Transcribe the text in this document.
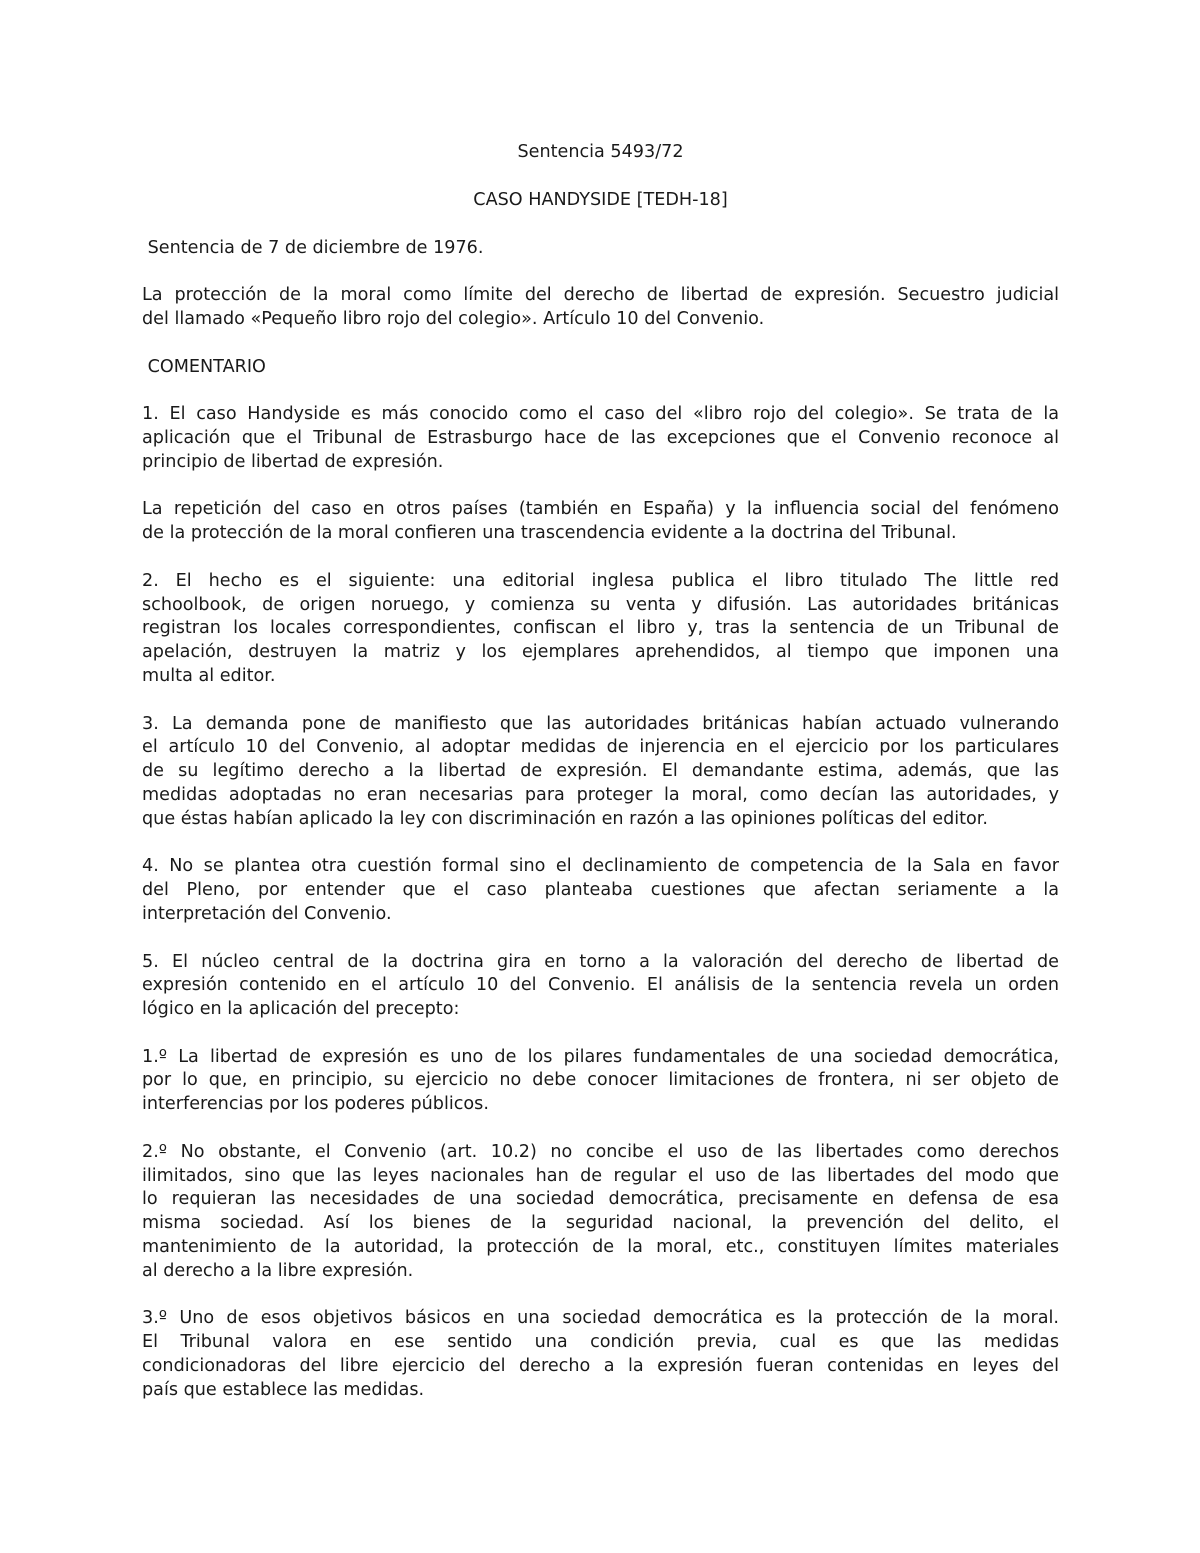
Sentencia 5493/72
CASO HANDYSIDE [TEDH-18]
Sentencia de 7 de diciembre de 1976.
La protección de la moral como límite del derecho de libertad de expresión. Secuestro judicial
del llamado «Pequeño libro rojo del colegio». Artículo 10 del Convenio.
COMENTARIO
1. El caso Handyside es más conocido como el caso del «libro rojo del colegio». Se trata de la
aplicación que el Tribunal de Estrasburgo hace de las excepciones que el Convenio reconoce al
principio de libertad de expresión.
La repetición del caso en otros países (también en España) y la influencia social del fenómeno
de la protección de la moral confieren una trascendencia evidente a la doctrina del Tribunal.
2. El hecho es el siguiente: una editorial inglesa publica el libro titulado The little red
schoolbook, de origen noruego, y comienza su venta y difusión. Las autoridades británicas
registran los locales correspondientes, confiscan el libro y, tras la sentencia de un Tribunal de
apelación, destruyen la matriz y los ejemplares aprehendidos, al tiempo que imponen una
multa al editor.
3. La demanda pone de manifiesto que las autoridades británicas habían actuado vulnerando
el artículo 10 del Convenio, al adoptar medidas de injerencia en el ejercicio por los particulares
de su legítimo derecho a la libertad de expresión. El demandante estima, además, que las
medidas adoptadas no eran necesarias para proteger la moral, como decían las autoridades, y
que éstas habían aplicado la ley con discriminación en razón a las opiniones políticas del editor.
4. No se plantea otra cuestión formal sino el declinamiento de competencia de la Sala en favor
del Pleno, por entender que el caso planteaba cuestiones que afectan seriamente a la
interpretación del Convenio.
5. El núcleo central de la doctrina gira en torno a la valoración del derecho de libertad de
expresión contenido en el artículo 10 del Convenio. El análisis de la sentencia revela un orden
lógico en la aplicación del precepto:
1.º La libertad de expresión es uno de los pilares fundamentales de una sociedad democrática,
por lo que, en principio, su ejercicio no debe conocer limitaciones de frontera, ni ser objeto de
interferencias por los poderes públicos.
2.º No obstante, el Convenio (art. 10.2) no concibe el uso de las libertades como derechos
ilimitados, sino que las leyes nacionales han de regular el uso de las libertades del modo que
lo requieran las necesidades de una sociedad democrática, precisamente en defensa de esa
misma sociedad. Así los bienes de la seguridad nacional, la prevención del delito, el
mantenimiento de la autoridad, la protección de la moral, etc., constituyen límites materiales
al derecho a la libre expresión.
3.º Uno de esos objetivos básicos en una sociedad democrática es la protección de la moral.
El Tribunal valora en ese sentido una condición previa, cual es que las medidas
condicionadoras del libre ejercicio del derecho a la expresión fueran contenidas en leyes del
país que establece las medidas.
